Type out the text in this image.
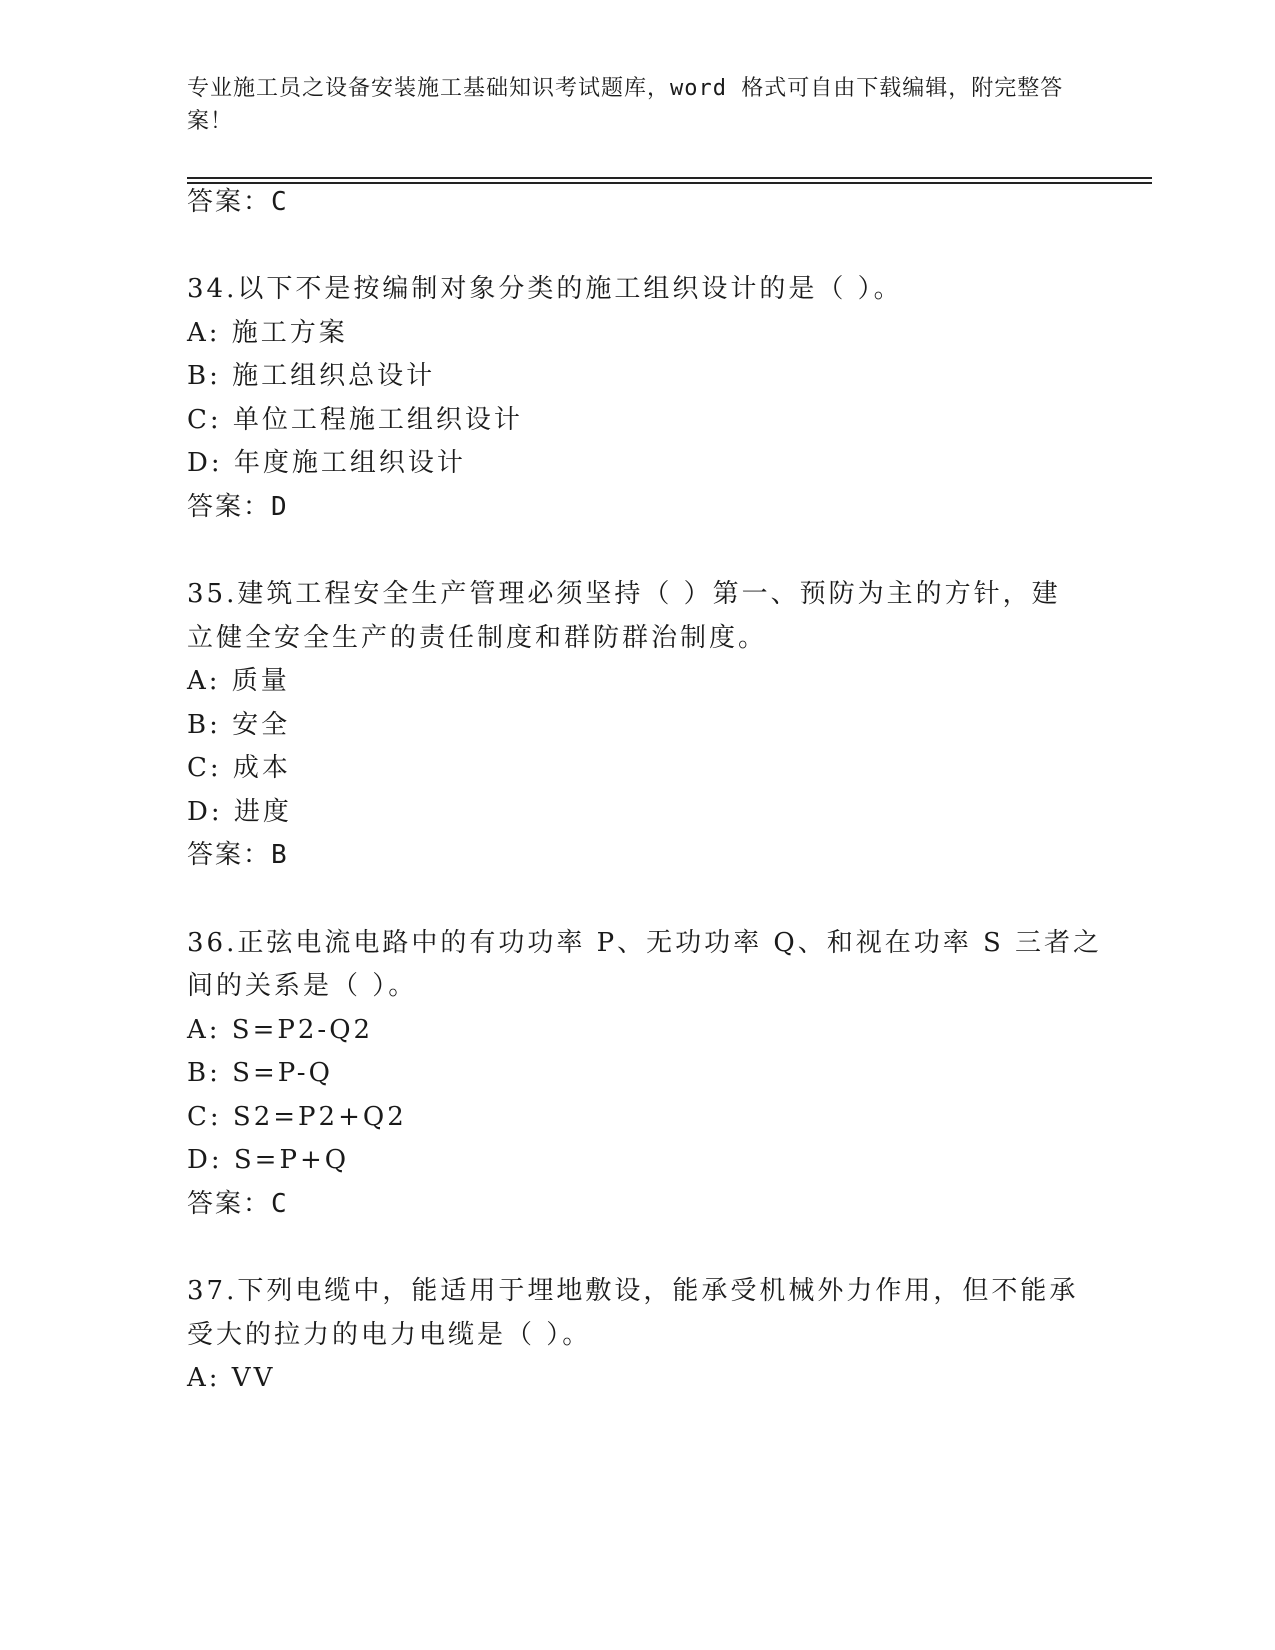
专业施工员之设备安装施工基础知识考试题库，word 格式可自由下载编辑，附完整答案！
答案：C
34.以下不是按编制对象分类的施工组织设计的是（ ）。
A: 施工方案
B: 施工组织总设计
C: 单位工程施工组织设计
D: 年度施工组织设计
答案：D
35.建筑工程安全生产管理必须坚持（ ）第一、预防为主的方针，建
立健全安全生产的责任制度和群防群治制度。
A: 质量
B: 安全
C: 成本
D: 进度
答案：B
36.正弦电流电路中的有功功率 P、无功功率 Q、和视在功率 S 三者之
间的关系是（ ）。
A: S=P2-Q2
B: S=P-Q
C: S2=P2+Q2
D: S=P+Q
答案：C
37.下列电缆中，能适用于埋地敷设，能承受机械外力作用，但不能承
受大的拉力的电力电缆是（ ）。
A: VV
